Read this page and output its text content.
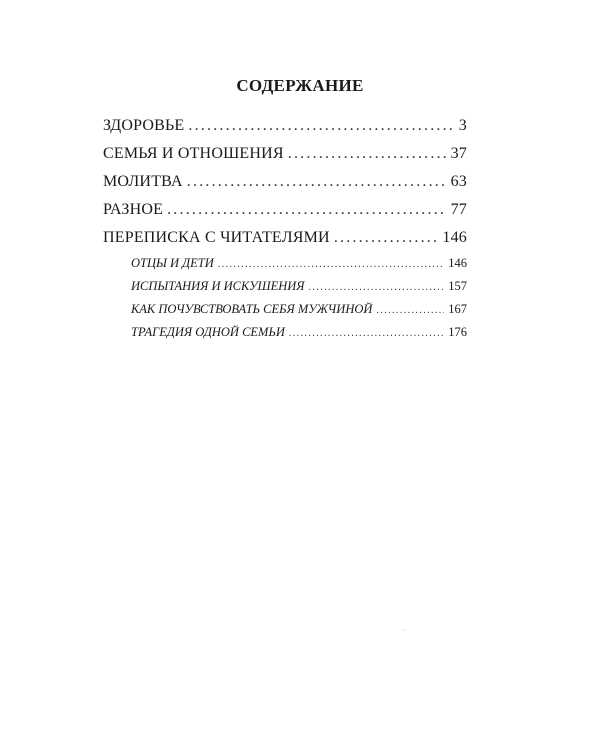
СОДЕРЖАНИЕ
ЗДОРОВЬЕ .....	3
СЕМЬЯ И ОТНОШЕНИЯ .....	37
МОЛИТВА .....	63
РАЗНОЕ .....	77
ПЕРЕПИСКА С ЧИТАТЕЛЯМИ .....	146
ОТЦЫ И ДЕТИ .....	146
ИСПЫТАНИЯ И ИСКУШЕНИЯ .....	157
КАК ПОЧУВСТВОВАТЬ СЕБЯ МУЖЧИНОЙ .....	167
ТРАГЕДИЯ ОДНОЙ СЕМЬИ .....	176
